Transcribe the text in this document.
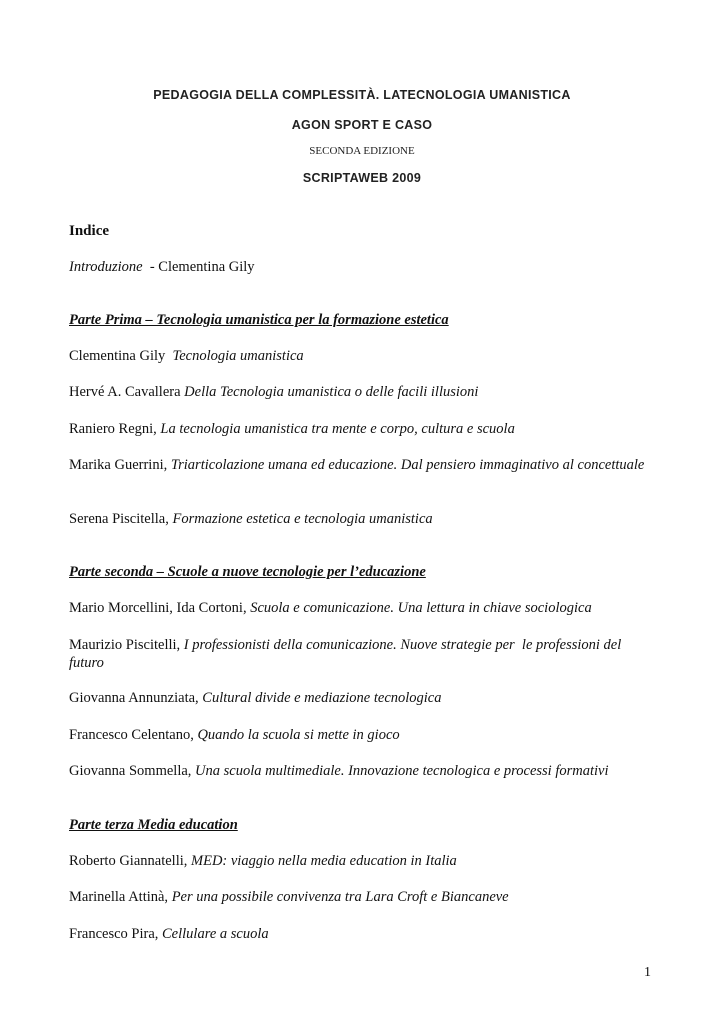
PEDAGOGIA DELLA COMPLESSITÀ. LATECNOLOGIA UMANISTICA
AGON SPORT E CASO
SECONDA EDIZIONE
SCRIPTAWEB 2009
Indice
Introduzione  - Clementina Gily
Parte Prima – Tecnologia umanistica per la formazione estetica
Clementina Gily  Tecnologia umanistica
Hervé A. Cavallera Della Tecnologia umanistica o delle facili illusioni
Raniero Regni, La tecnologia umanistica tra mente e corpo, cultura e scuola
Marika Guerrini, Triarticolazione umana ed educazione. Dal pensiero immaginativo al concettuale
Serena Piscitella, Formazione estetica e tecnologia umanistica
Parte seconda – Scuole a nuove tecnologie per l’educazione
Mario Morcellini, Ida Cortoni, Scuola e comunicazione. Una lettura in chiave sociologica
Maurizio Piscitelli, I professionisti della comunicazione. Nuove strategie per  le professioni del futuro
Giovanna Annunziata, Cultural divide e mediazione tecnologica
Francesco Celentano, Quando la scuola si mette in gioco
Giovanna Sommella, Una scuola multimediale. Innovazione tecnologica e processi formativi
Parte terza Media education
Roberto Giannatelli, MED: viaggio nella media education in Italia
Marinella Attinà, Per una possibile convivenza tra Lara Croft e Biancaneve
Francesco Pira, Cellulare a scuola
1
